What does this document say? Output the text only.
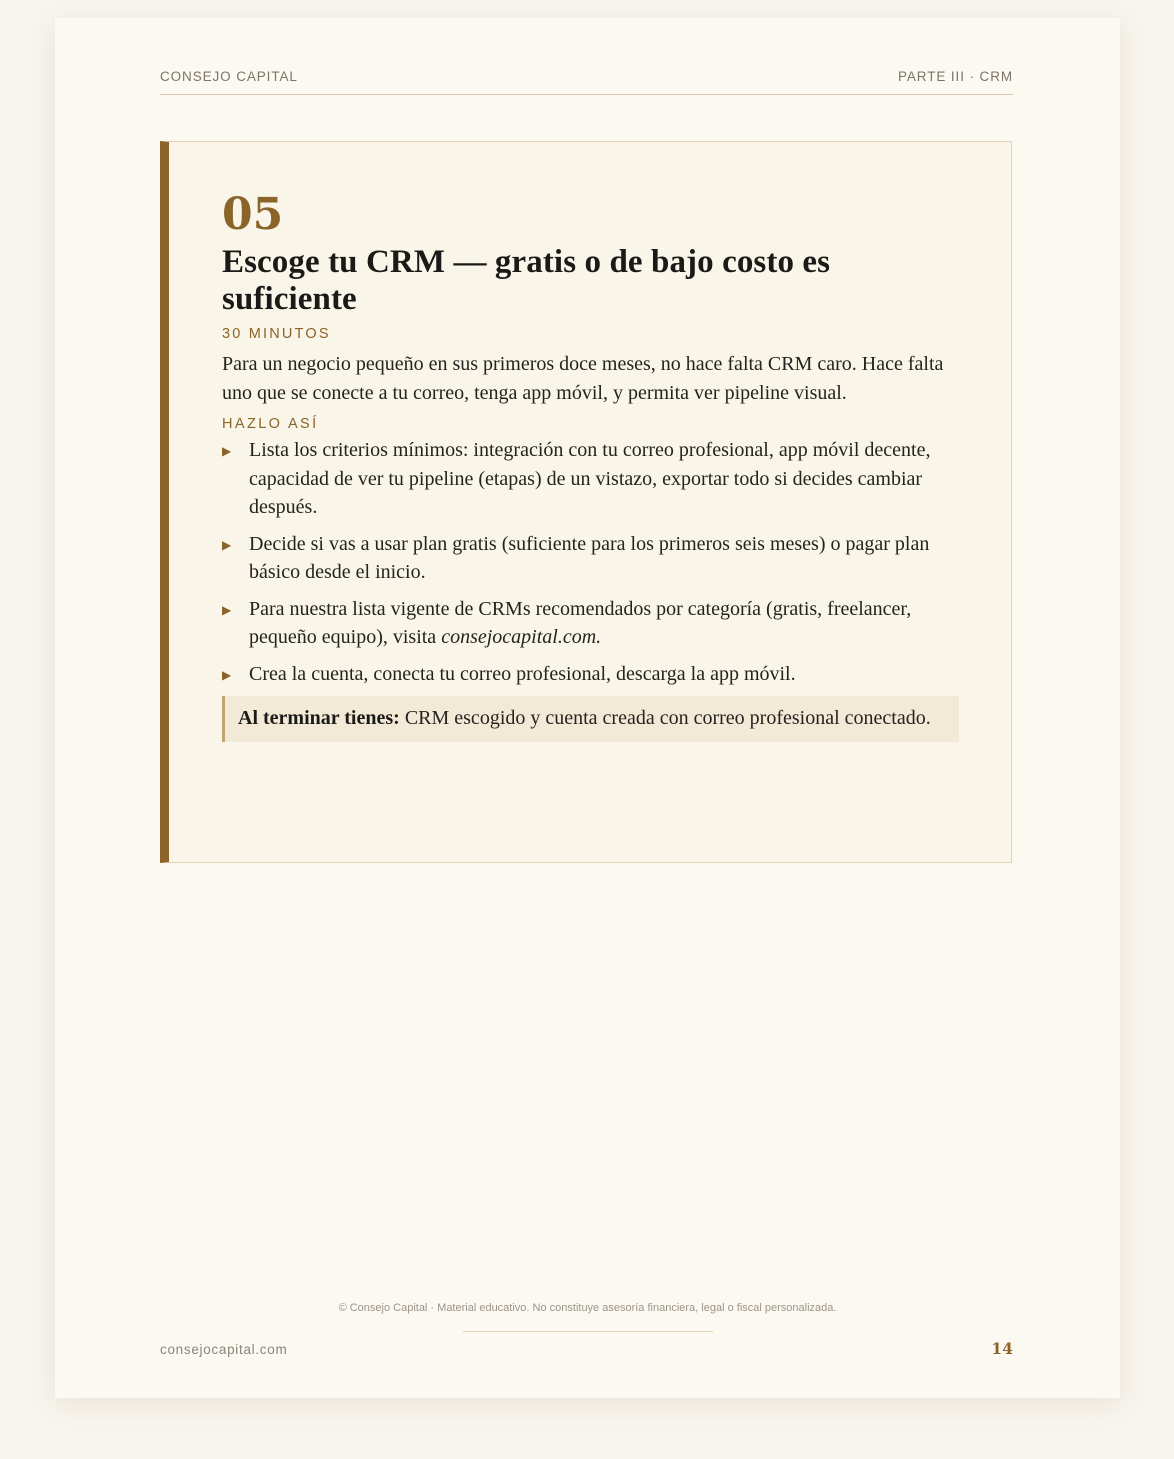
CONSEJO CAPITAL	PARTE III · CRM
05
Escoge tu CRM — gratis o de bajo costo es suficiente
30 MINUTOS

Para un negocio pequeño en sus primeros doce meses, no hace falta CRM caro. Hace falta uno que se conecte a tu correo, tenga app móvil, y permita ver pipeline visual.

HAZLO ASÍ
▶ Lista los criterios mínimos: integración con tu correo profesional, app móvil decente, capacidad de ver tu pipeline (etapas) de un vistazo, exportar todo si decides cambiar después.
▶ Decide si vas a usar plan gratis (suficiente para los primeros seis meses) o pagar plan básico desde el inicio.
▶ Para nuestra lista vigente de CRMs recomendados por categoría (gratis, freelancer, pequeño equipo), visita consejocapital.com.
▶ Crea la cuenta, conecta tu correo profesional, descarga la app móvil.
Al terminar tienes: CRM escogido y cuenta creada con correo profesional conectado.
© Consejo Capital · Material educativo. No constituye asesoría financiera, legal o fiscal personalizada.
consejocapital.com	14
